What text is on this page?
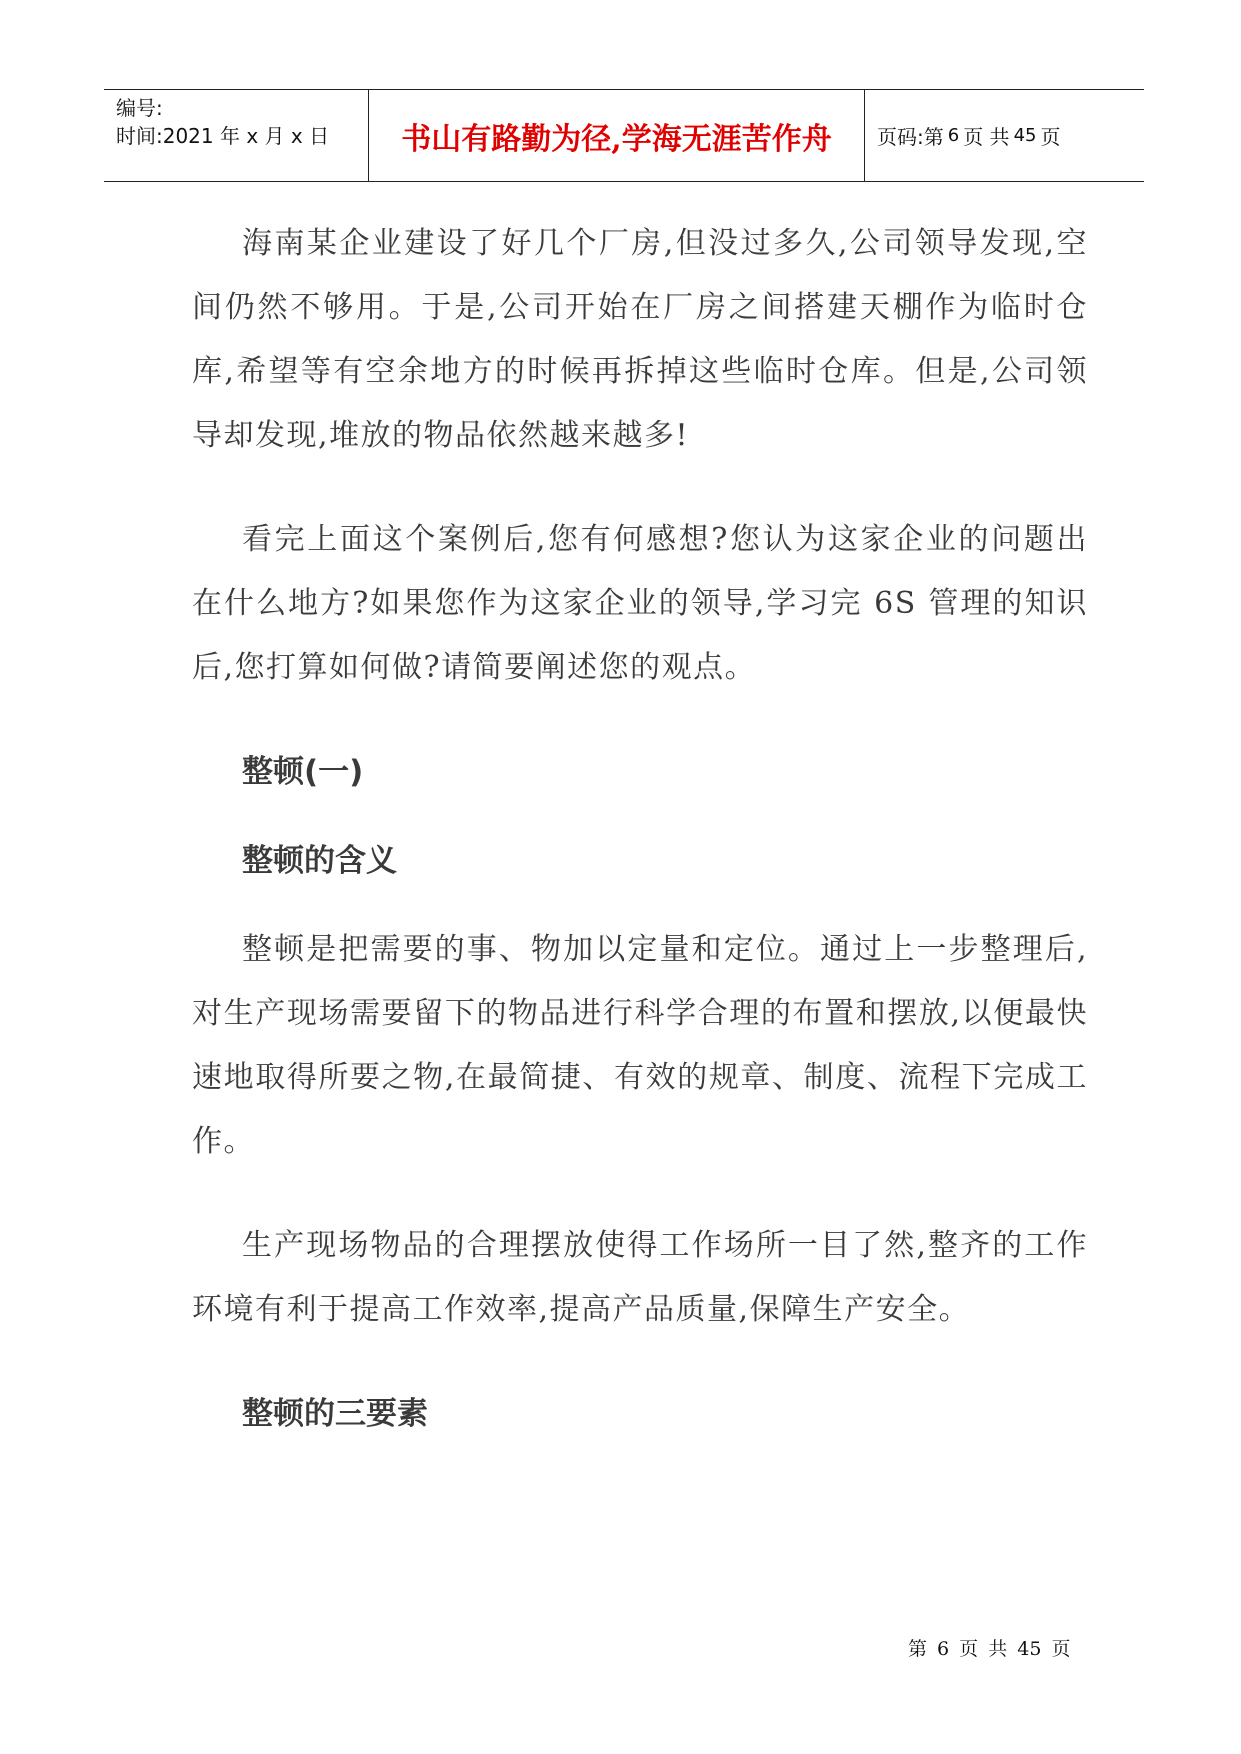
编号:
时间:2021 年 x 月 x 日	书山有路勤为径,学海无涯苦作舟 页码:第 6 页 共 45 页

海南某企业建设了好几个厂房,但没过多久,公司领导发现,空间仍然不够用。于是,公司开始在厂房之间搭建天棚作为临时仓库,希望等有空余地方的时候再拆掉这些临时仓库。但是,公司领导却发现,堆放的物品依然越来越多!

看完上面这个案例后,您有何感想?您认为这家企业的问题出在什么地方?如果您作为这家企业的领导,学习完 6S 管理的知识后,您打算如何做?请简要阐述您的观点。

整顿(一)
整顿的含义

整顿是把需要的事、物加以定量和定位。通过上一步整理后,对生产现场需要留下的物品进行科学合理的布置和摆放,以便最快速地取得所要之物,在最简捷、有效的规章、制度、流程下完成工作。

生产现场物品的合理摆放使得工作场所一目了然,整齐的工作环境有利于提高工作效率,提高产品质量,保障生产安全。

整顿的三要素
第 6 页 共 45 页
